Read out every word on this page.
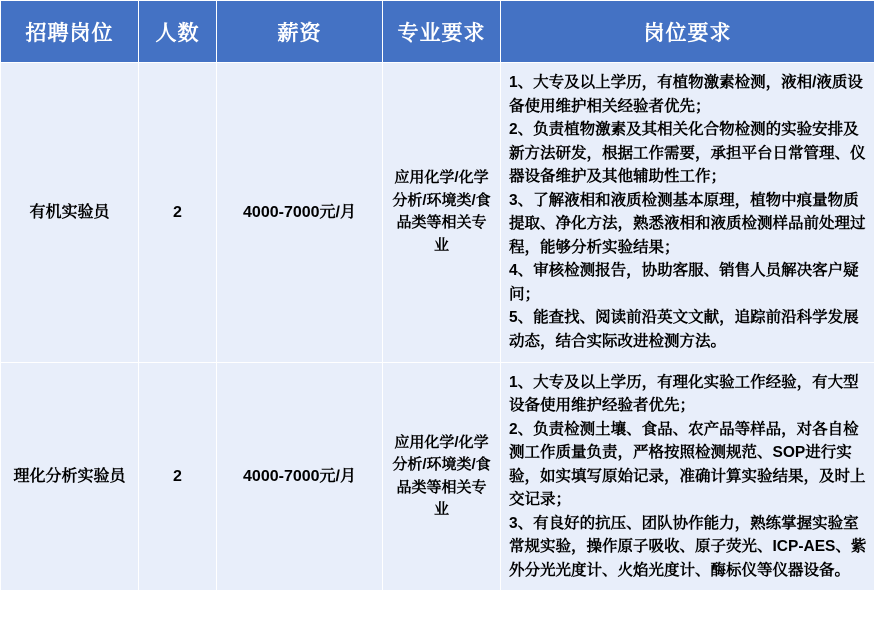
招聘岗位	人数	薪资	专业要求	岗位要求
有机实验员	2	4000-7000元/月	应用化学/化学分析/环境类/食品类等相关专业	1、大专及以上学历，有植物激素检测，液相/液质设备使用维护相关经验者优先；

2、负责植物激素及其相关化合物检测的实验安排及新方法研发，根据工作需要，承担平台日常管理、仪器设备维护及其他辅助性工作；

3、了解液相和液质检测基本原理，植物中痕量物质提取、净化方法，熟悉液相和液质检测样品前处理过程，能够分析实验结果；

4、审核检测报告，协助客服、销售人员解决客户疑问；

5、能查找、阅读前沿英文文献，追踪前沿科学发展动态，结合实际改进检测方法。

理化分析实验员	2	4000-7000元/月	应用化学/化学分析/环境类/食品类等相关专业	1、大专及以上学历，有理化实验工作经验，有大型设备使用维护经验者优先；

2、负责检测土壤、食品、农产品等样品，对各自检测工作质量负责，严格按照检测规范、SOP进行实验，如实填写原始记录，准确计算实验结果，及时上交记录；

3、有良好的抗压、团队协作能力，熟练掌握实验室常规实验，操作原子吸收、原子荧光、ICP-AES、紫外分光光度计、火焰光度计、酶标仪等仪器设备。
